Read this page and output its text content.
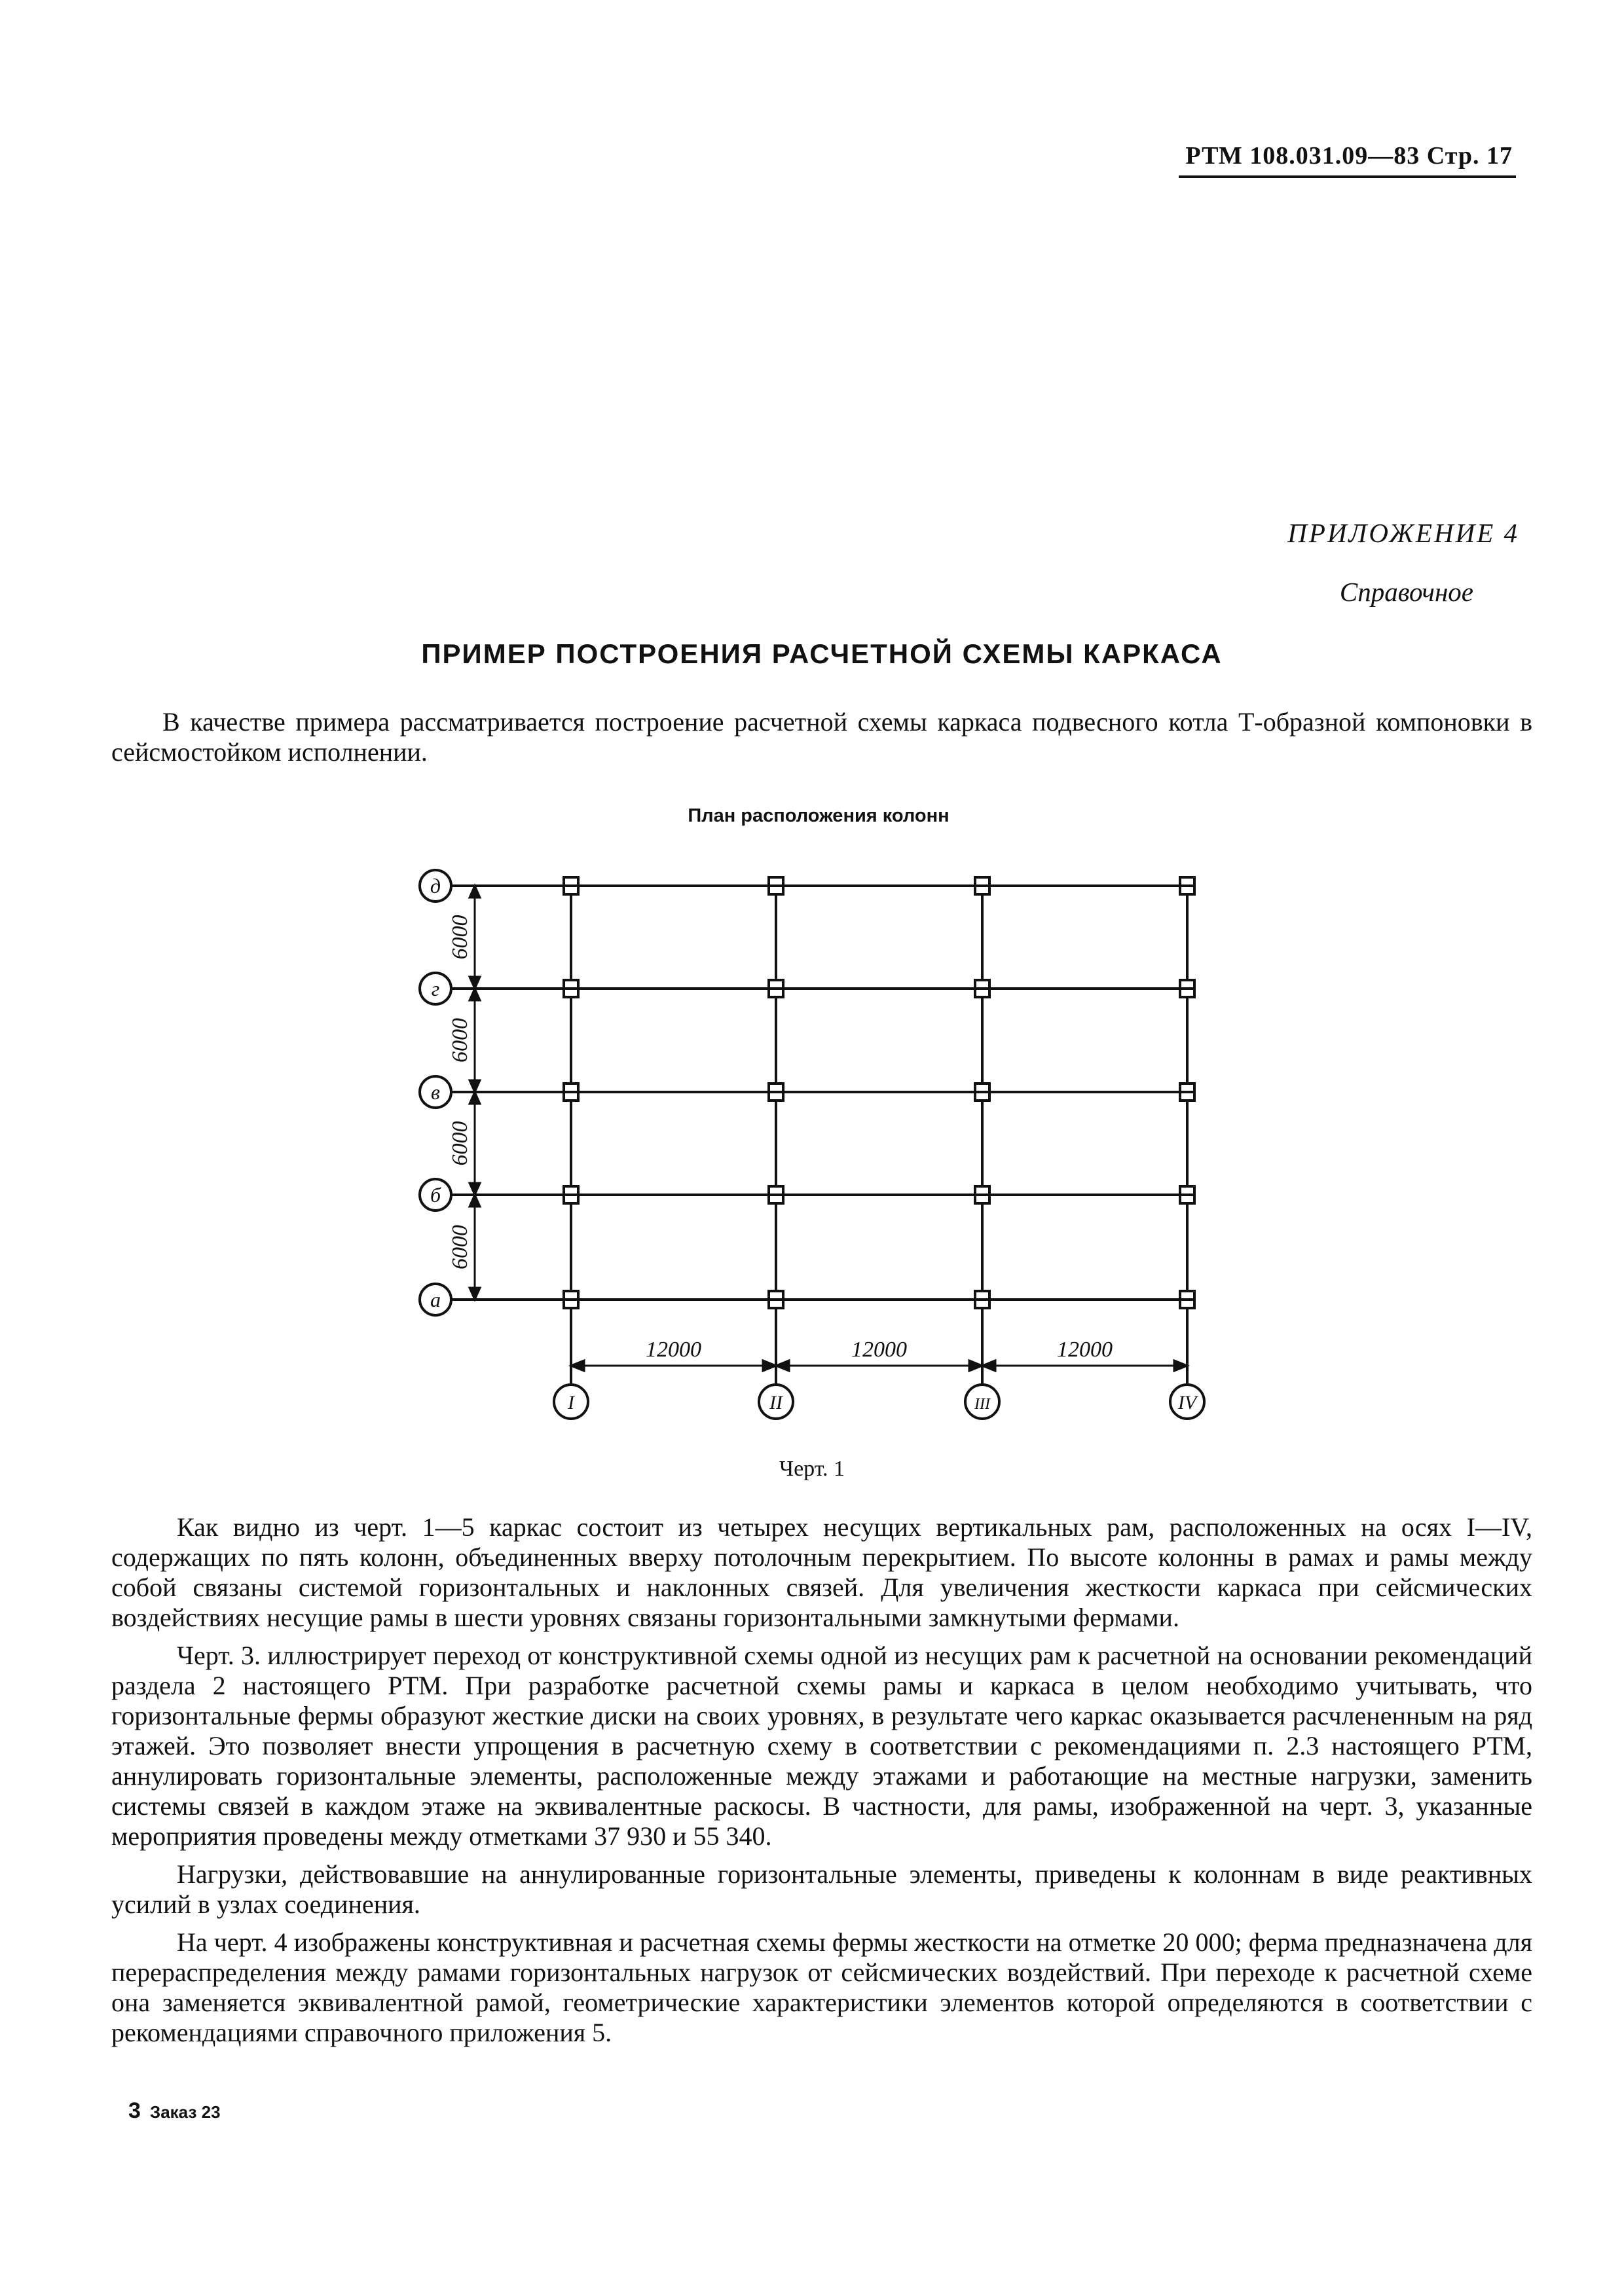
РТМ 108.031.09—83 Стр. 17
ПРИЛОЖЕНИЕ 4
Справочное
ПРИМЕР ПОСТРОЕНИЯ РАСЧЕТНОЙ СХЕМЫ КАРКАСА
В качестве примера рассматривается построение расчетной схемы каркаса подвесного котла Т-образной компоновки в сейсмостойком исполнении.
План расположения колонн
6000
6000
6000
6000
12000	12000	12000
д
г
в
б
а
I	II	III	IV
Черт. 1

Как видно из черт. 1—5 каркас состоит из четырех несущих вертикальных рам, расположенных на осях I—IV, содержащих по пять колонн, объединенных вверху потолочным перекрытием. По высоте колонны в рамах и рамы между собой связаны системой горизонтальных и наклонных связей. Для увеличения жесткости каркаса при сейсмических воздействиях несущие рамы в шести уровнях связаны горизонтальными замкнутыми фермами.

Черт. 3. иллюстрирует переход от конструктивной схемы одной из несущих рам к расчетной на основании рекомендаций раздела 2 настоящего РТМ. При разработке расчетной схемы рамы и каркаса в целом необходимо учитывать, что горизонтальные фермы образуют жесткие диски на своих уровнях, в результате чего каркас оказывается расчлененным на ряд этажей. Это позволяет внести упрощения в расчетную схему в соответствии с рекомендациями п. 2.3 настоящего РТМ, аннулировать горизонтальные элементы, расположенные между этажами и работающие на местные нагрузки, заменить системы связей в каждом этаже на эквивалентные раскосы. В частности, для рамы, изображенной на черт. 3, указанные мероприятия проведены между отметками 37 930 и 55 340.

Нагрузки, действовавшие на аннулированные горизонтальные элементы, приведены к колоннам в виде реактивных усилий в узлах соединения.

На черт. 4 изображены конструктивная и расчетная схемы фермы жесткости на отметке 20 000; ферма предназначена для перераспределения между рамами горизонтальных нагрузок от сейсмических воздействий. При переходе к расчетной схеме она заменяется эквивалентной рамой, геометрические характеристики элементов которой определяются в соответствии с рекомендациями справочного приложения 5.

3 Заказ 23
